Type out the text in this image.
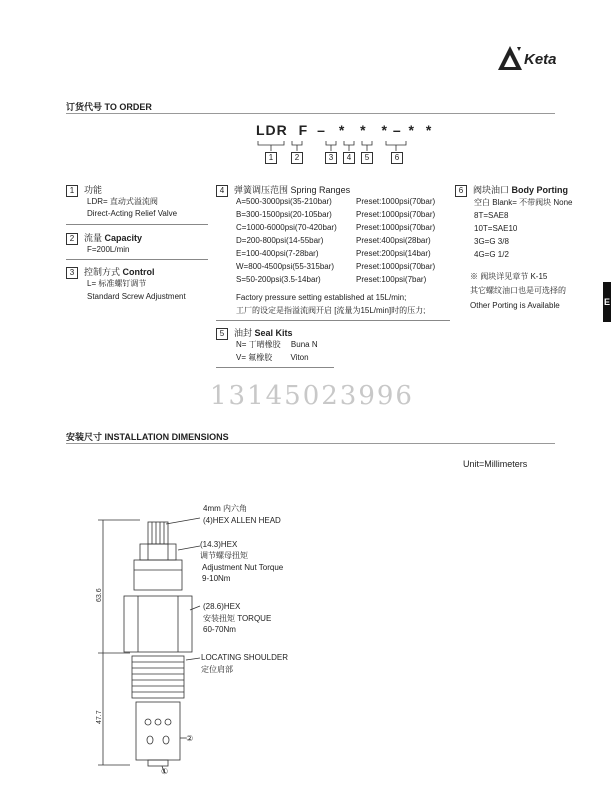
Keta
订货代号 TO ORDER
LDR F – * * * – * *
1	2	3	4	5	6
1 功能
LDR= 直动式溢流阀
Direct-Acting Relief Valve
2 流量 Capacity
F=200L/min
3 控制方式 Control
L= 标准螺钉调节
Standard Screw Adjustment
4 弹簧调压范围 Spring Ranges
A=500-3000psi(35-210bar)	Preset:1000psi(70bar)
B=300-1500psi(20-105bar)	Preset:1000psi(70bar)
C=1000-6000psi(70-420bar) Preset:1000psi(70bar)
D=200-800psi(14-55bar)	Preset:400psi(28bar)
E=100-400psi(7-28bar)	Preset:200psi(14bar)
W=800-4500psi(55-315bar)	Preset:1000psi(70bar)
S=50-200psi(3.5-14bar)	Preset:100psi(7bar)
Factory pressure setting established at 15L/min;
工厂的设定是指溢流阀开启 [流量为15L/min]时的压力;
5 油封 Seal Kits
N= 丁晴橡胶 Buna N
V= 氟橡胶 Viton
6 阀块油口 Body Porting
空白 Blank= 不带阀块 None
8T=SAE8
10T=SAE10
3G=G 3/8
4G=G 1/2
※ 阀块详见章节 K-15
其它螺纹油口也是可选择的
Other Porting is Available	E
13145023996
安装尺寸 INSTALLATION DIMENSIONS
Unit=Millimeters
63.6
47.7
①
②
4mm 内六角
(4)HEX ALLEN HEAD
(14.3)HEX
调节螺母扭矩
Adjustment Nut Torque
9-10Nm
(28.6)HEX
安装扭矩 TORQUE
60-70Nm
LOCATING SHOULDER
定位肩部
